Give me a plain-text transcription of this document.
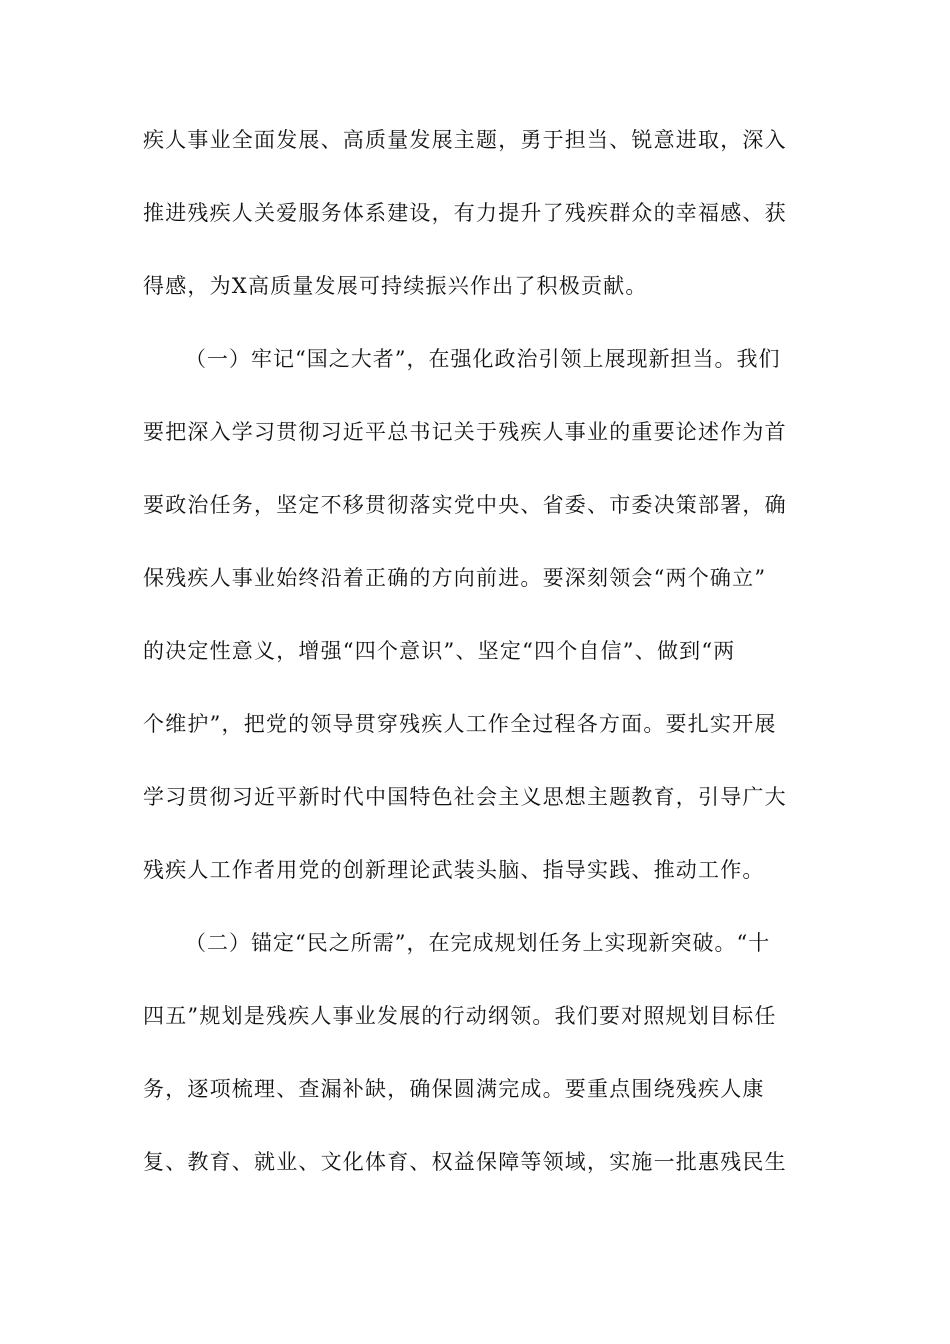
疾人事业全面发展、高质量发展主题，勇于担当、锐意进取，深入
推进残疾人关爱服务体系建设，有力提升了残疾群众的幸福感、获
得感，为X高质量发展可持续振兴作出了积极贡献。
（一）牢记“国之大者”，在强化政治引领上展现新担当。我们
要把深入学习贯彻习近平总书记关于残疾人事业的重要论述作为首
要政治任务，坚定不移贯彻落实党中央、省委、市委决策部署，确
保残疾人事业始终沿着正确的方向前进。要深刻领会“两个确立”
的决定性意义，增强“四个意识”、坚定“四个自信”、做到“两
个维护”，把党的领导贯穿残疾人工作全过程各方面。要扎实开展
学习贯彻习近平新时代中国特色社会主义思想主题教育，引导广大
残疾人工作者用党的创新理论武装头脑、指导实践、推动工作。
（二）锚定“民之所需”，在完成规划任务上实现新突破。“十
四五”规划是残疾人事业发展的行动纲领。我们要对照规划目标任
务，逐项梳理、查漏补缺，确保圆满完成。要重点围绕残疾人康
复、教育、就业、文化体育、权益保障等领域，实施一批惠残民生
